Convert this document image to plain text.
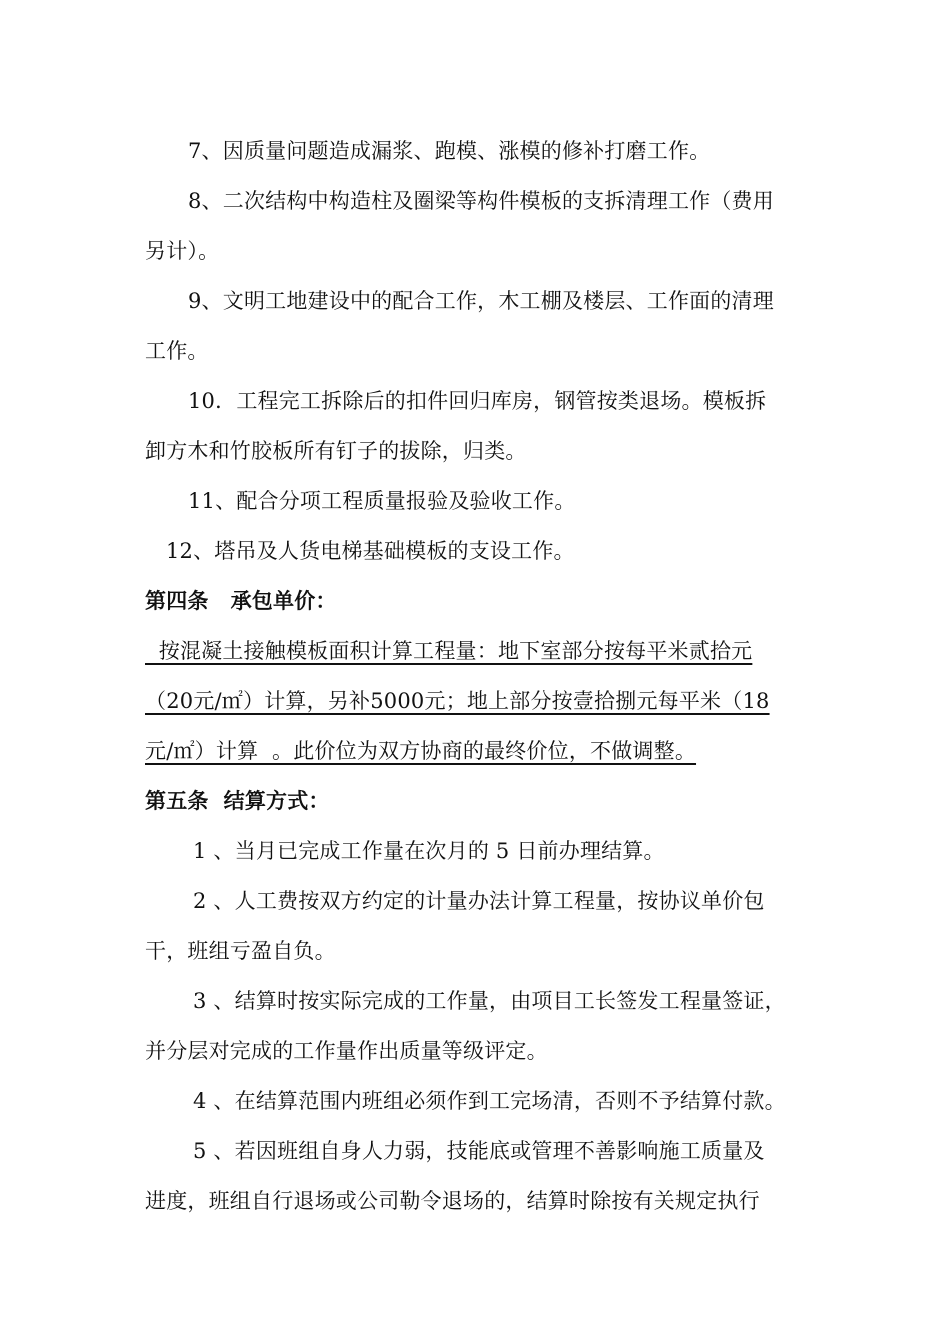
7、因质量问题造成漏浆、跑模、涨模的修补打磨工作。
8、二次结构中构造柱及圈梁等构件模板的支拆清理工作（费用
另计）。
9、文明工地建设中的配合工作，木工棚及楼层、工作面的清理
工作。
10．工程完工拆除后的扣件回归库房，钢管按类退场。模板拆
卸方木和竹胶板所有钉子的拔除，归类。
11、配合分项工程质量报验及验收工作。
12、塔吊及人货电梯基础模板的支设工作。
第四条 承包单价：
按混凝土接触模板面积计算工程量：地下室部分按每平米贰拾元
（20元/㎡）计算，另补5000元；地上部分按壹拾捌元每平米（18
元/㎡）计算  。此价位为双方协商的最终价位，不做调整。
第五条  结算方式：
1 、当月已完成工作量在次月的 5 日前办理结算。
2 、人工费按双方约定的计量办法计算工程量，按协议单价包
干，班组亏盈自负。
3 、结算时按实际完成的工作量，由项目工长签发工程量签证，
并分层对完成的工作量作出质量等级评定。
4 、在结算范围内班组必须作到工完场清，否则不予结算付款。
5 、若因班组自身人力弱，技能底或管理不善影响施工质量及
进度，班组自行退场或公司勒令退场的，结算时除按有关规定执行
